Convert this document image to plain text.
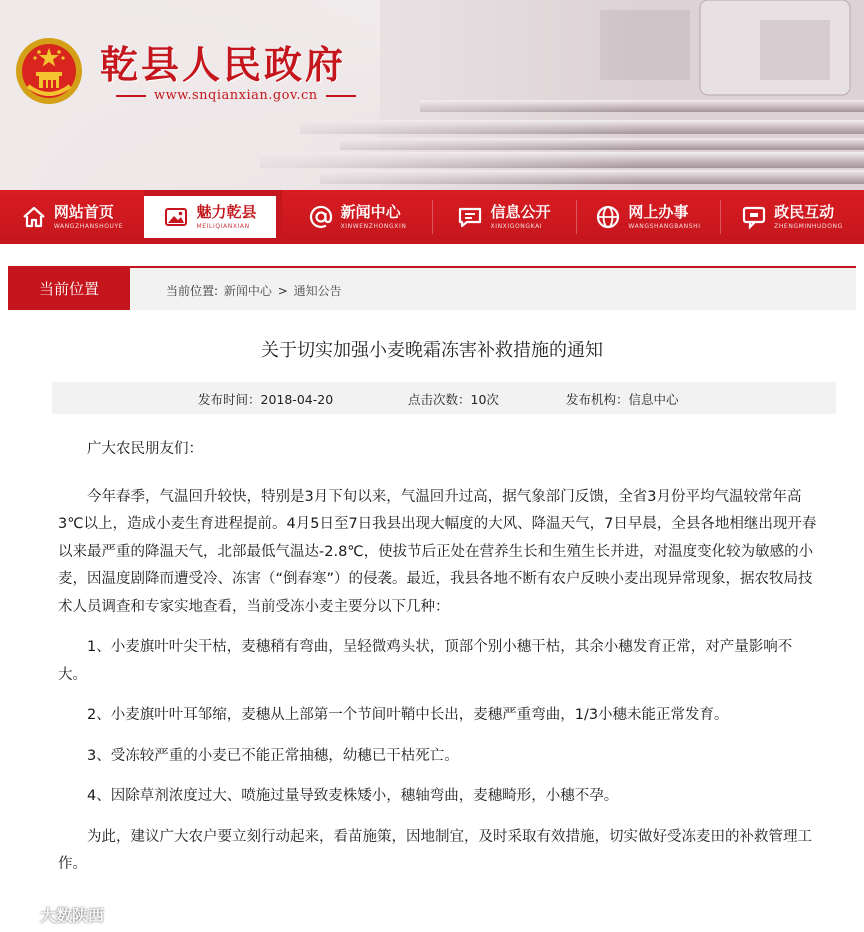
乾县人民政府
www.snqianxian.gov.cn
网站首页
WANGZHANSHOUYE
魅力乾县
MEILIQIANXIAN
新闻中心
XINWENZHONGXIN
信息公开
XINXIGONGKAI
网上办事
WANGSHANGBANSHI
政民互动
ZHENGMINHUDONG
当前位置	当前位置: 新闻中心 > 通知公告
关于切实加强小麦晚霜冻害补救措施的通知
发布时间：2018-04-20	点击次数：10次	发布机构：信息中心

广大农民朋友们：

今年春季，气温回升较快，特别是3月下旬以来，气温回升过高，据气象部门反馈，全省3月份平均气温较常年高3℃以上，造成小麦生育进程提前。4月5日至7日我县出现大幅度的大风、降温天气，7日早晨，全县各地相继出现开春以来最严重的降温天气，北部最低气温达-2.8℃，使拔节后正处在营养生长和生殖生长并进，对温度变化较为敏感的小麦，因温度剧降而遭受冷、冻害（“倒春寒”）的侵袭。最近，我县各地不断有农户反映小麦出现异常现象，据农牧局技术人员调查和专家实地查看，当前受冻小麦主要分以下几种：

1、小麦旗叶叶尖干枯，麦穗稍有弯曲，呈轻微鸡头状，顶部个别小穗干枯，其余小穗发育正常，对产量影响不大。

2、小麦旗叶叶耳邹缩，麦穗从上部第一个节间叶鞘中长出，麦穗严重弯曲，1/3小穗未能正常发育。

3、受冻较严重的小麦已不能正常抽穗，幼穗已干枯死亡。

4、因除草剂浓度过大、喷施过量导致麦株矮小，穗轴弯曲，麦穗畸形，小穗不孕。

为此，建议广大农户要立刻行动起来，看苗施策，因地制宜，及时采取有效措施，切实做好受冻麦田的补救管理工作。

大数陕西
